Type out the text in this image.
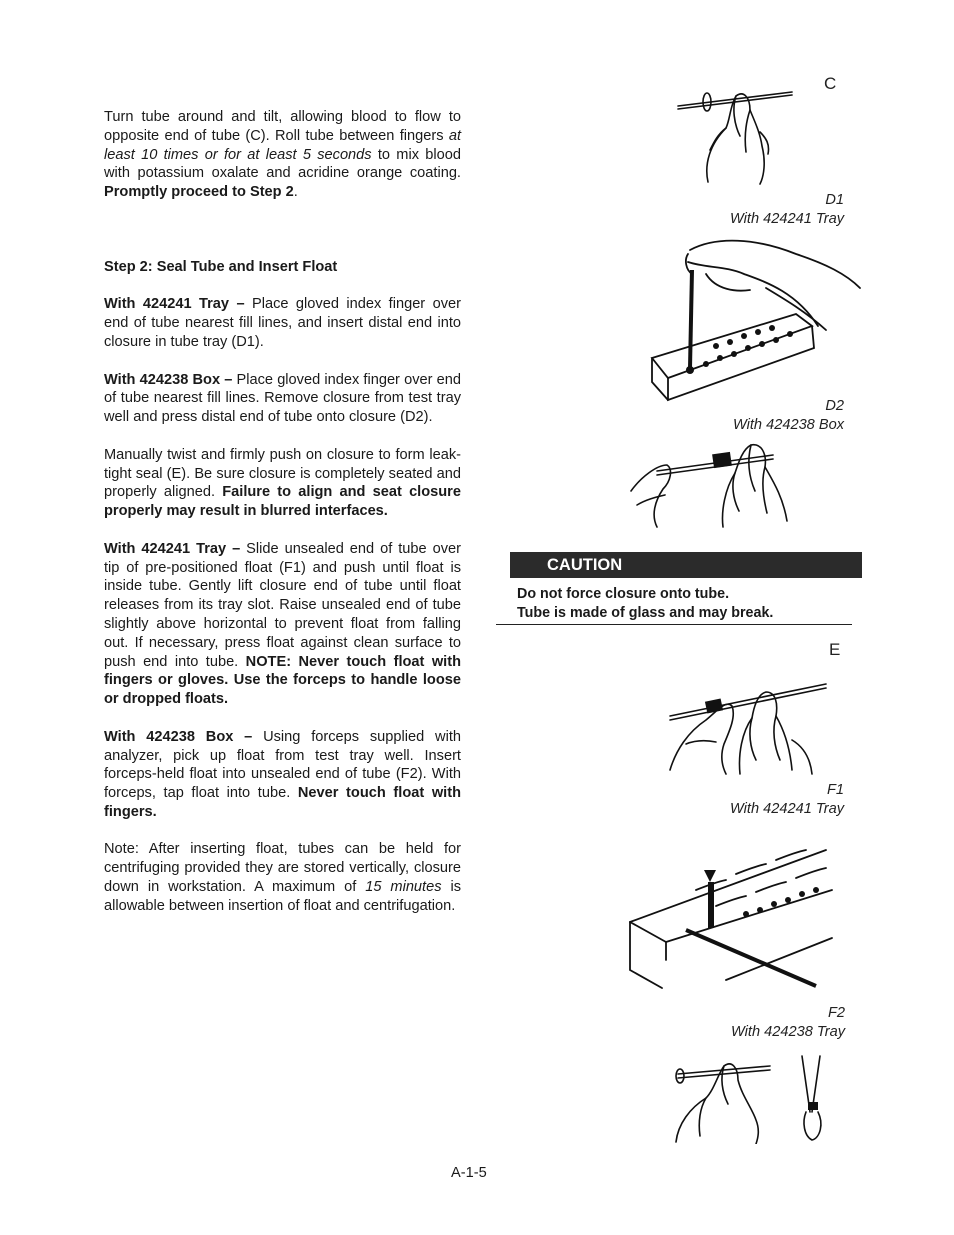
Turn tube around and tilt, allowing blood to flow to opposite end of tube (C). Roll tube between fingers at least 10 times or for at least 5 seconds to mix blood with potassium oxalate and acridine orange coating. Promptly proceed to Step 2.

Step 2: Seal Tube and Insert Float

With 424241 Tray – Place gloved index finger over end of tube nearest fill lines, and insert distal end into closure in tube tray (D1).

With 424238 Box – Place gloved index finger over end of tube nearest fill lines. Remove closure from test tray well and press distal end of tube onto closure (D2).

Manually twist and firmly push on closure to form leak-tight seal (E). Be sure closure is completely seated and properly aligned. Failure to align and seat closure properly may result in blurred interfaces.

With 424241 Tray – Slide unsealed end of tube over tip of pre-positioned float (F1) and push until float is inside tube. Gently lift closure end of tube until float releases from its tray slot. Raise unsealed end of tube slightly above horizontal to prevent float from falling out. If necessary, press float against clean surface to push end into tube. NOTE: Never touch float with fingers or gloves. Use the forceps to handle loose or dropped floats.

With 424238 Box – Using forceps supplied with analyzer, pick up float from test tray well. Insert forceps-held float into unsealed end of tube (F2). With forceps, tap float into tube. Never touch float with fingers.

Note: After inserting float, tubes can be held for centrifuging provided they are stored vertically, closure down in workstation. A maximum of 15 minutes is allowable between insertion of float and centrifugation.

C
D1
With 424241 Tray
D2
With 424238 Box
CAUTION
Do not force closure onto tube.
Tube is made of glass and may break.
E
F1
With 424241 Tray
F2
With 424238 Tray
A-1-5
